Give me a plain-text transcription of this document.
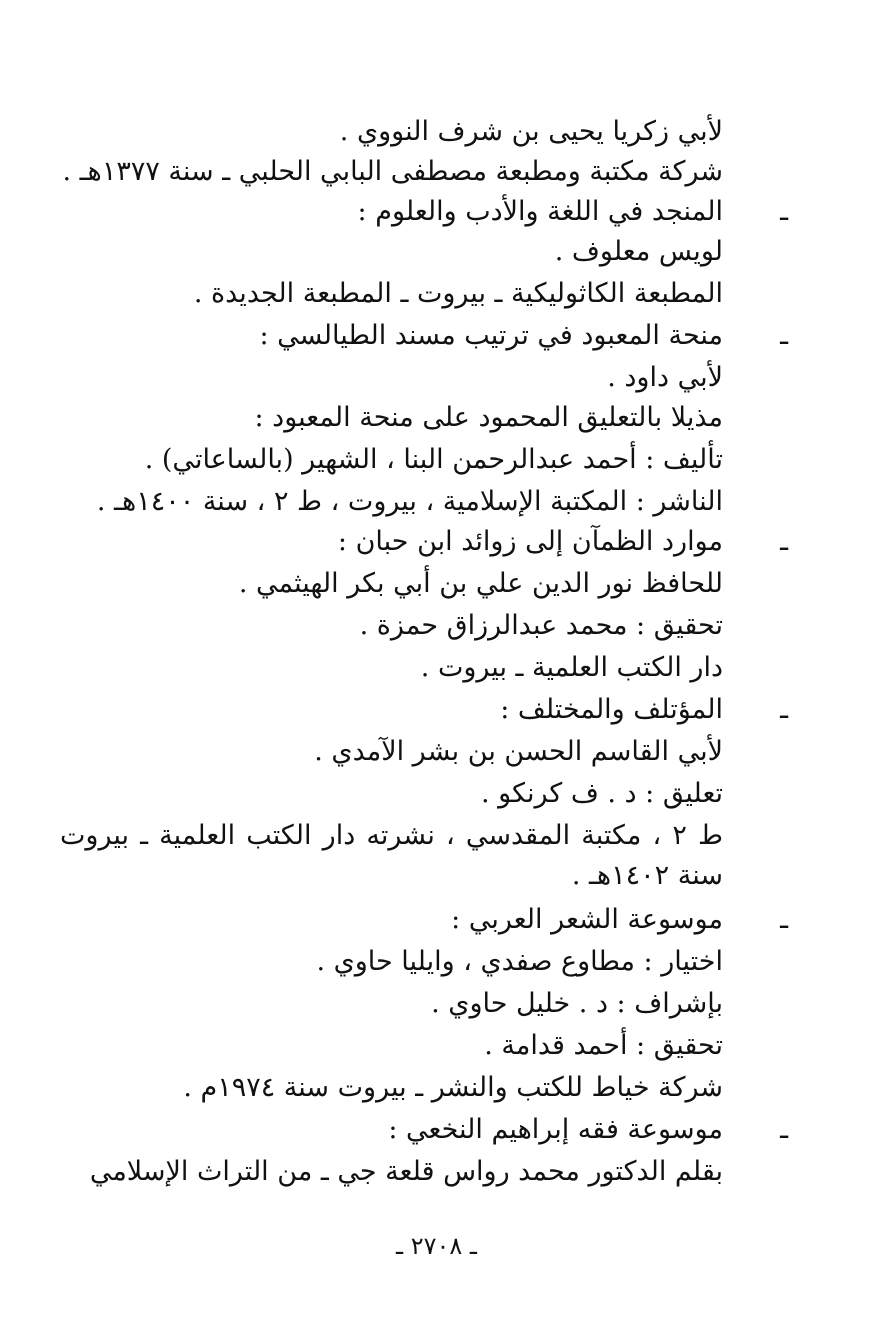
لأبي زكريا يحيى بن شرف النووي .
شركة مكتبة ومطبعة مصطفى البابي الحلبي ـ سنة ١٣٧٧هـ .
ـ
المنجد في اللغة والأدب والعلوم :
لويس معلوف .
المطبعة الكاثوليكية ـ بيروت ـ المطبعة الجديدة .
ـ
منحة المعبود في ترتيب مسند الطيالسي :
لأبي داود .
مذيلا بالتعليق المحمود على منحة المعبود :
تأليف : أحمد عبدالرحمن البنا ، الشهير (بالساعاتي) .
الناشر : المكتبة الإسلامية ، بيروت ، ط ٢ ، سنة ١٤٠٠هـ .
ـ
موارد الظمآن إلى زوائد ابن حبان :
للحافظ نور الدين علي بن أبي بكر الهيثمي .
تحقيق : محمد عبدالرزاق حمزة .
دار الكتب العلمية ـ بيروت .
ـ
المؤتلف والمختلف :
لأبي القاسم الحسن بن بشر الآمدي .
تعليق : د . ف كرنكو .
ط ٢ ، مكتبة المقدسي ، نشرته دار الكتب العلمية ـ بيروت سنة ١٤٠٢هـ .
ـ
موسوعة الشعر العربي :
اختيار : مطاوع صفدي ، وايليا حاوي .
بإشراف : د . خليل حاوي .
تحقيق : أحمد قدامة .
شركة خياط للكتب والنشر ـ بيروت سنة ١٩٧٤م .
ـ
موسوعة فقه إبراهيم النخعي :
بقلم الدكتور محمد رواس قلعة جي ـ من التراث الإسلامي
ـ ٢٧٠٨ ـ
